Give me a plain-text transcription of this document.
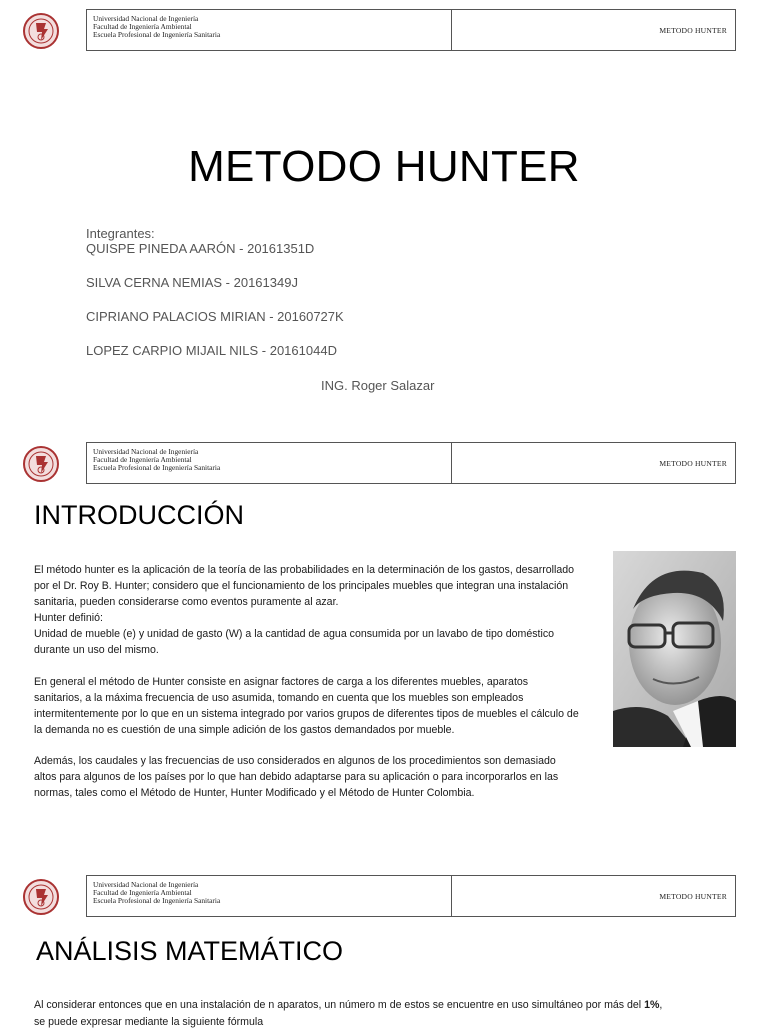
Universidad Nacional de Ingeniería
Facultad de Ingeniería Ambiental
Escuela Profesional de Ingeniería Sanitaria
METODO HUNTER
METODO HUNTER
Integrantes:
QUISPE PINEDA AARÓN - 20161351D
SILVA CERNA NEMIAS - 20161349J
CIPRIANO PALACIOS MIRIAN - 20160727K
LOPEZ CARPIO MIJAIL NILS - 20161044D
ING. Roger Salazar
Universidad Nacional de Ingeniería
Facultad de Ingeniería Ambiental
Escuela Profesional de Ingeniería Sanitaria
METODO HUNTER
INTRODUCCIÓN

El método hunter es la aplicación de la teoría de las probabilidades en la determinación de los gastos, desarrollado por el Dr. Roy B. Hunter; considero que el funcionamiento de los principales muebles que integran una instalación sanitaria, pueden considerarse como eventos puramente al azar.
Hunter definió:
Unidad de mueble (e) y unidad de gasto (W) a la cantidad de agua consumida por un lavabo de tipo doméstico durante un uso del mismo.

En general el método de Hunter consiste en asignar factores de carga a los diferentes muebles, aparatos sanitarios, a la máxima frecuencia de uso asumida, tomando en cuenta que los muebles son empleados intermitentemente por lo que en un sistema integrado por varios grupos de diferentes tipos de muebles el cálculo de la demanda no es cuestión de una simple adición de los gastos demandados por mueble.

Además, los caudales y las frecuencias de uso considerados en algunos de los procedimientos son demasiado altos para algunos de los países por lo que han debido adaptarse para su aplicación o para incorporarlos en las normas, tales como el Método de Hunter, Hunter Modificado y el Método de Hunter Colombia.

Universidad Nacional de Ingeniería
Facultad de Ingeniería Ambiental
Escuela Profesional de Ingeniería Sanitaria
METODO HUNTER
ANÁLISIS MATEMÁTICO
Al considerar entonces que en una instalación de n aparatos, un número m de estos se encuentre en uso simultáneo por más del 1%,
se puede expresar mediante la siguiente fórmula
